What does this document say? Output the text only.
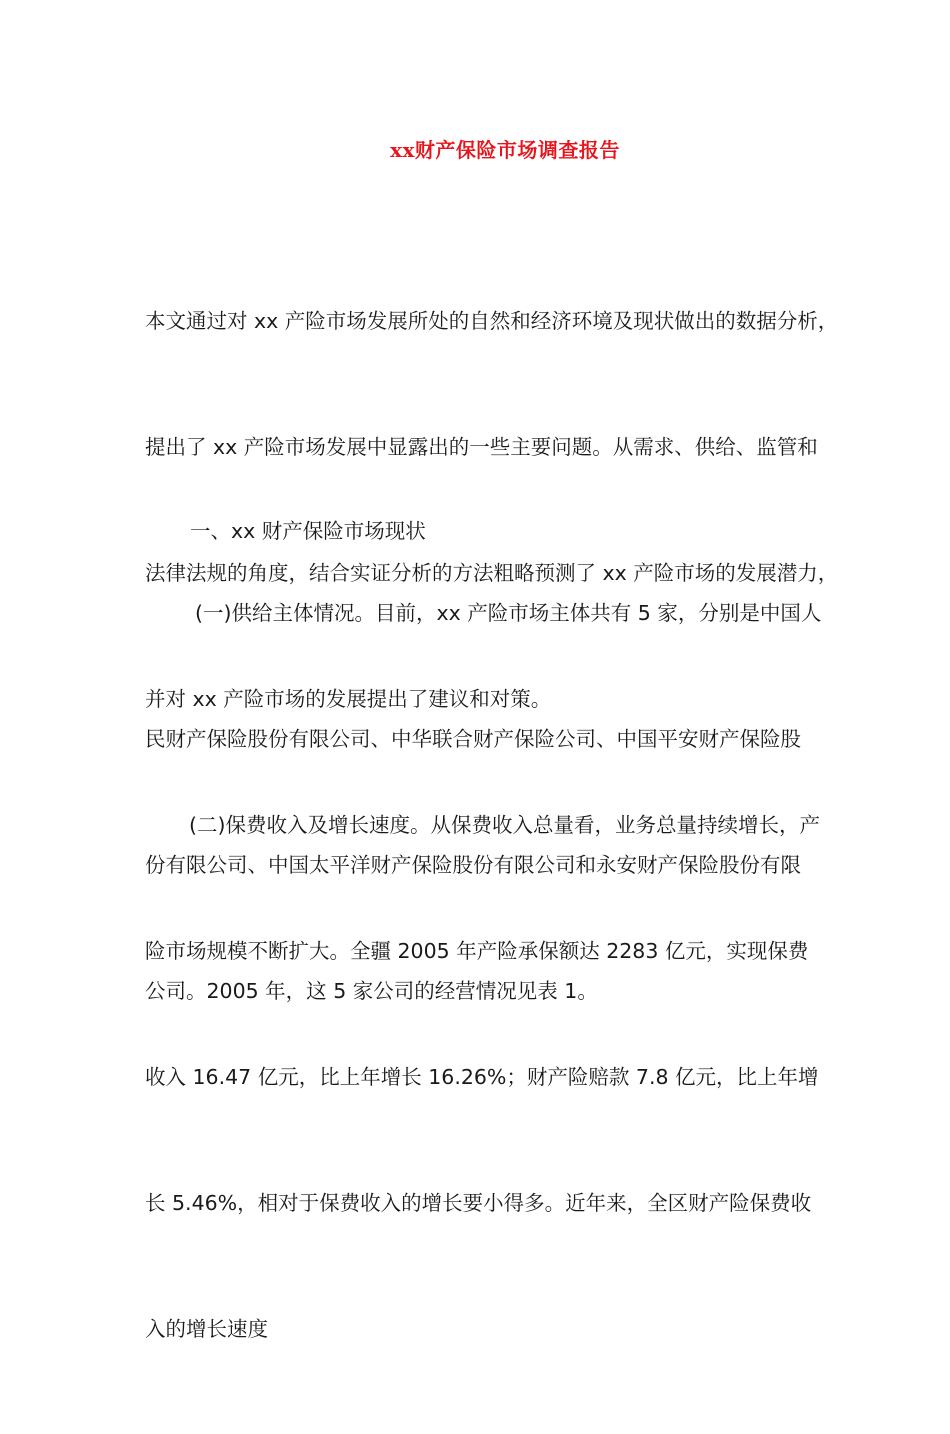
xx财产保险市场调查报告

本文通过对 xx 产险市场发展所处的自然和经济环境及现状做出的数据分析，

提出了 xx 产险市场发展中显露出的一些主要问题。从需求、供给、监管和

法律法规的角度，结合实证分析的方法粗略预测了 xx 产险市场的发展潜力，

并对 xx 产险市场的发展提出了建议和对策。

一、xx 财产保险市场现状

(一)供给主体情况。目前，xx 产险市场主体共有 5 家，分别是中国人

民财产保险股份有限公司、中华联合财产保险公司、中国平安财产保险股

份有限公司、中国太平洋财产保险股份有限公司和永安财产保险股份有限

公司。2005 年，这 5 家公司的经营情况见表 1。

(二)保费收入及增长速度。从保费收入总量看，业务总量持续增长，产

险市场规模不断扩大。全疆 2005 年产险承保额达 2283 亿元，实现保费

收入 16.47 亿元，比上年增长 16.26%；财产险赔款 7.8 亿元，比上年增

长 5.46%，相对于保费收入的增长要小得多。近年来，全区财产险保费收

入的增长速度
